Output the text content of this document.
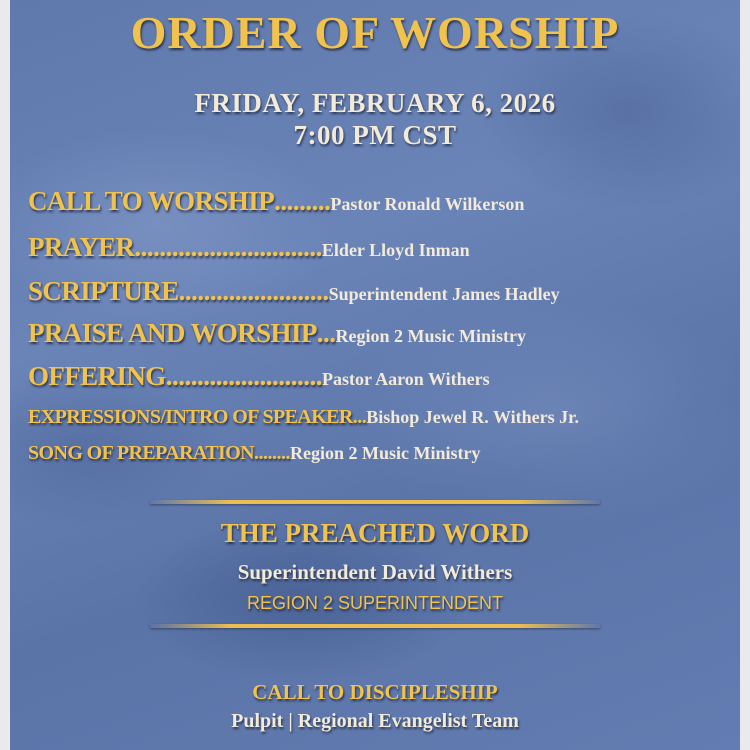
ORDER OF WORSHIP
FRIDAY, FEBRUARY 6, 2026
7:00 PM CST
CALL TO WORSHIP.........Pastor Ronald Wilkerson
PRAYER..............................Elder Lloyd Inman
SCRIPTURE........................Superintendent James Hadley
PRAISE AND WORSHIP...Region 2 Music Ministry
OFFERING.........................Pastor Aaron Withers
EXPRESSIONS/INTRO OF SPEAKER...Bishop Jewel R. Withers Jr.
SONG OF PREPARATION........Region 2 Music Ministry
THE PREACHED WORD
Superintendent David Withers
REGION 2 SUPERINTENDENT
CALL TO DISCIPLESHIP
Pulpit | Regional Evangelist Team
